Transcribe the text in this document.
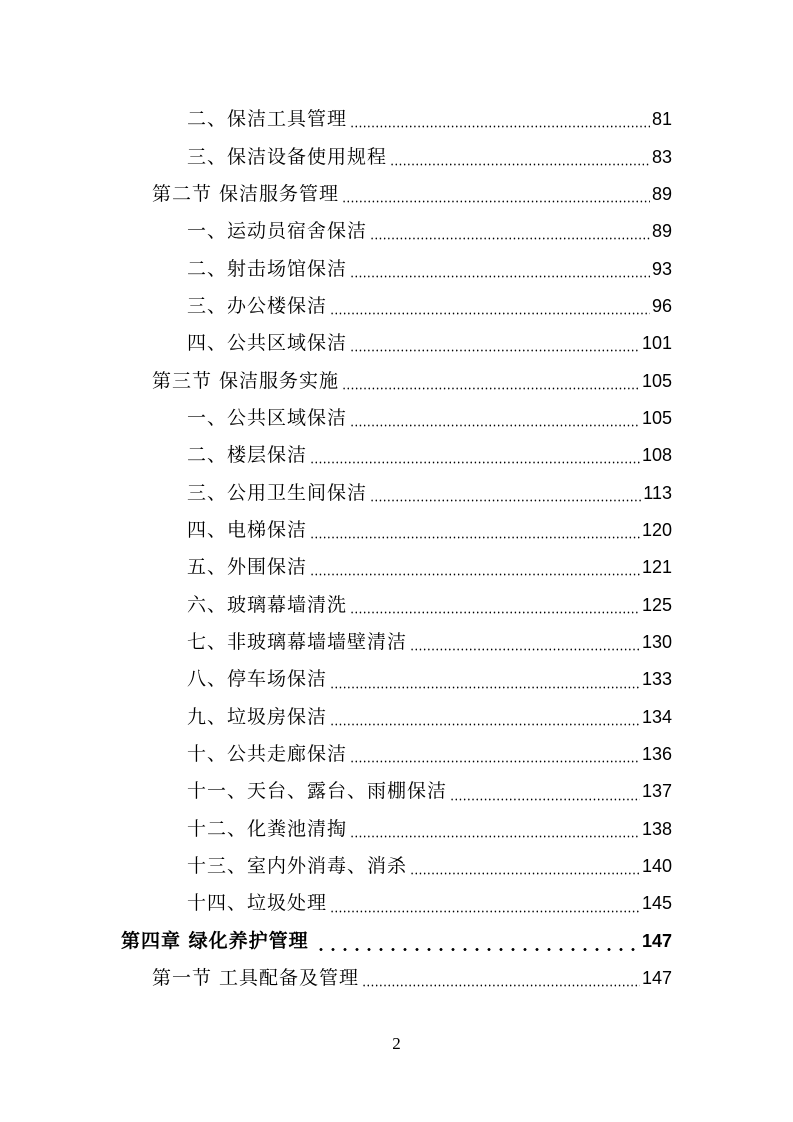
二、保洁工具管理	81
三、保洁设备使用规程	83
第二节 保洁服务管理	89
一、运动员宿舍保洁	89
二、射击场馆保洁	93
三、办公楼保洁	96
四、公共区域保洁	101
第三节 保洁服务实施	105
一、公共区域保洁	105
二、楼层保洁	108
三、公用卫生间保洁	113
四、电梯保洁	120
五、外围保洁	121
六、玻璃幕墙清洗	125
七、非玻璃幕墙墙壁清洁	130
八、停车场保洁	133
九、垃圾房保洁	134
十、公共走廊保洁	136
十一、天台、露台、雨棚保洁	137
十二、化粪池清掏	138
十三、室内外消毒、消杀	140
十四、垃圾处理	145
第四章 绿化养护管理	147
第一节 工具配备及管理	147
2
